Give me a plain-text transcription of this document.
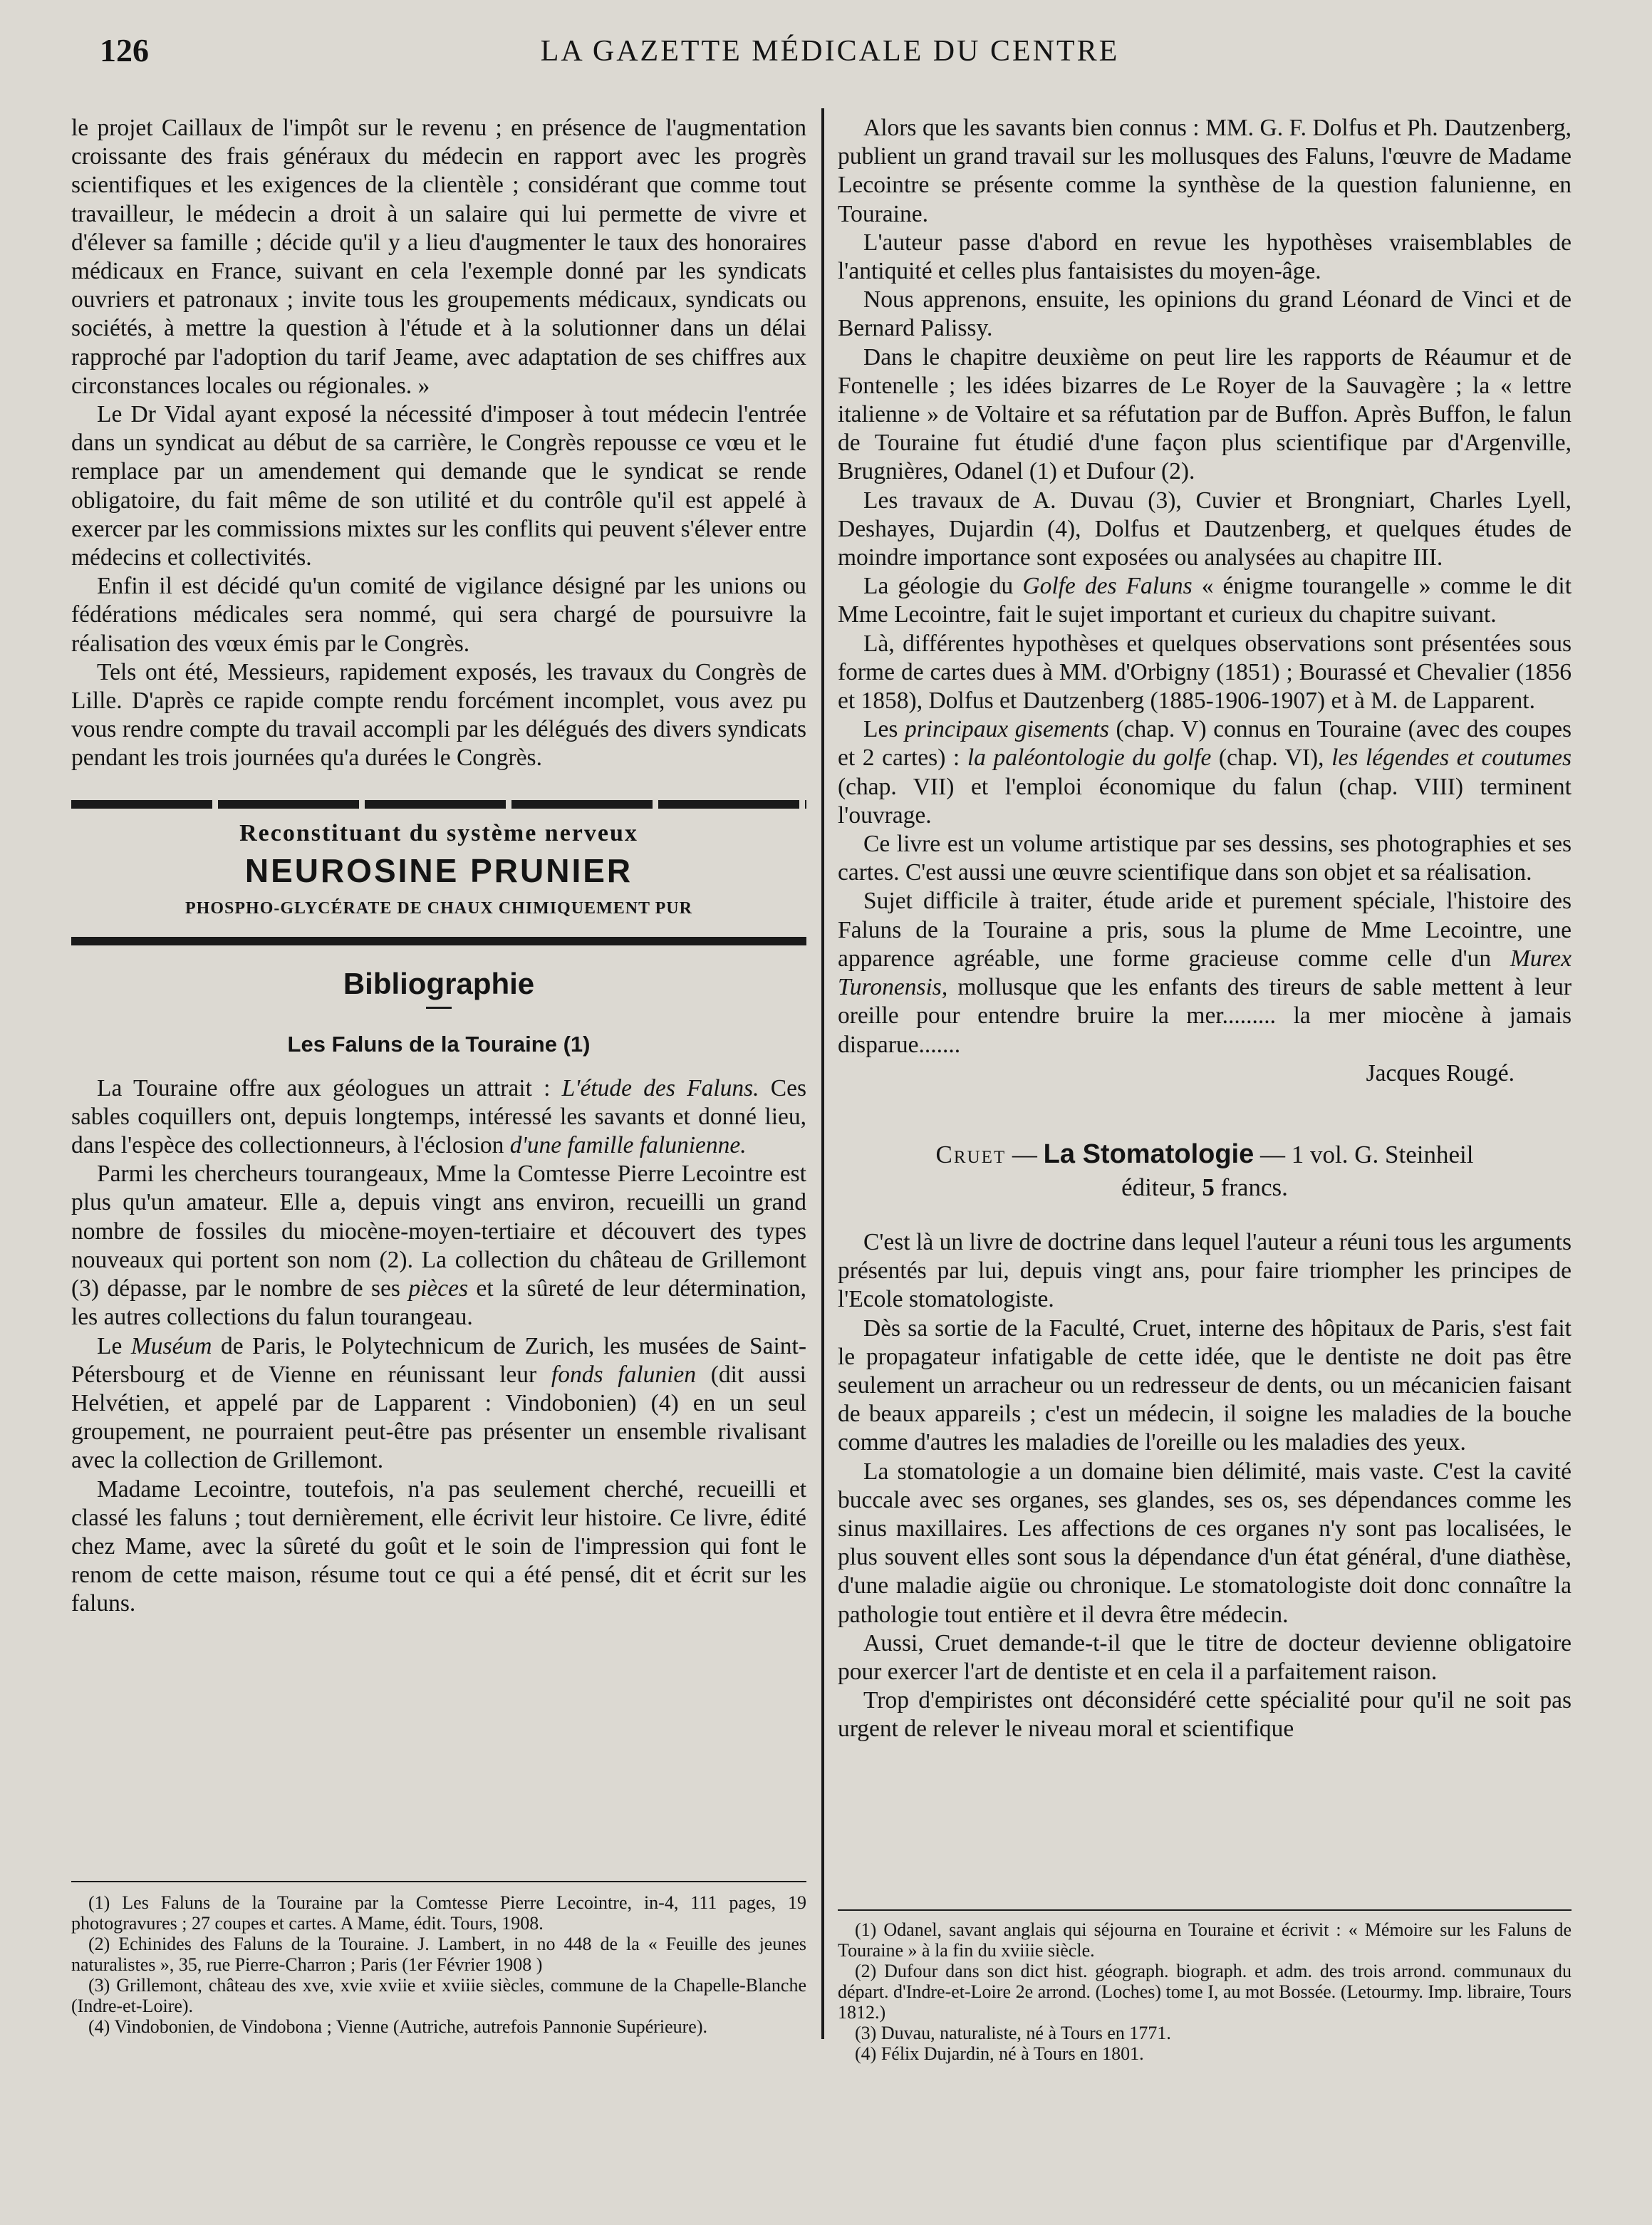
126	LA GAZETTE MÉDICALE DU CENTRE

le projet Caillaux de l'impôt sur le revenu ; en présence de l'augmentation croissante des frais généraux du médecin en rapport avec les progrès scientifiques et les exigences de la clientèle ; considérant que comme tout travailleur, le médecin a droit à un salaire qui lui permette de vivre et d'élever sa famille ; décide qu'il y a lieu d'augmenter le taux des honoraires médicaux en France, suivant en cela l'exemple donné par les syndicats ouvriers et patronaux ; invite tous les groupements médicaux, syndicats ou sociétés, à mettre la question à l'étude et à la solutionner dans un délai rapproché par l'adoption du tarif Jeame, avec adaptation de ses chiffres aux circonstances locales ou régionales. »

Le Dr Vidal ayant exposé la nécessité d'imposer à tout médecin l'entrée dans un syndicat au début de sa carrière, le Congrès repousse ce vœu et le remplace par un amendement qui demande que le syndicat se rende obligatoire, du fait même de son utilité et du contrôle qu'il est appelé à exercer par les commissions mixtes sur les conflits qui peuvent s'élever entre médecins et collectivités.

Enfin il est décidé qu'un comité de vigilance désigné par les unions ou fédérations médicales sera nommé, qui sera chargé de poursuivre la réalisation des vœux émis par le Congrès.

Tels ont été, Messieurs, rapidement exposés, les travaux du Congrès de Lille. D'après ce rapide compte rendu forcément incomplet, vous avez pu vous rendre compte du travail accompli par les délégués des divers syndicats pendant les trois journées qu'a durées le Congrès.

Reconstituant du système nerveux
NEUROSINE PRUNIER
PHOSPHO-GLYCÉRATE DE CHAUX CHIMIQUEMENT PUR
Bibliographie
Les Faluns de la Touraine (1)

La Touraine offre aux géologues un attrait : L'étude des Faluns. Ces sables coquillers ont, depuis longtemps, intéressé les savants et donné lieu, dans l'espèce des collectionneurs, à l'éclosion d'une famille falunienne.

Parmi les chercheurs tourangeaux, Mme la Comtesse Pierre Lecointre est plus qu'un amateur. Elle a, depuis vingt ans environ, recueilli un grand nombre de fossiles du miocène-moyen-tertiaire et découvert des types nouveaux qui portent son nom (2). La collection du château de Grillemont (3) dépasse, par le nombre de ses pièces et la sûreté de leur détermination, les autres collections du falun tourangeau.

Le Muséum de Paris, le Polytechnicum de Zurich, les musées de Saint-Pétersbourg et de Vienne en réunissant leur fonds falunien (dit aussi Helvétien, et appelé par de Lapparent : Vindobonien) (4) en un seul groupement, ne pourraient peut-être pas présenter un ensemble rivalisant avec la collection de Grillemont.

Madame Lecointre, toutefois, n'a pas seulement cherché, recueilli et classé les faluns ; tout dernièrement, elle écrivit leur histoire. Ce livre, édité chez Mame, avec la sûreté du goût et le soin de l'impression qui font le renom de cette maison, résume tout ce qui a été pensé, dit et écrit sur les faluns.

(1) Les Faluns de la Touraine par la Comtesse Pierre Lecointre, in-4, 111 pages, 19 photogravures ; 27 coupes et cartes. A Mame, édit. Tours, 1908.

(2) Echinides des Faluns de la Touraine. J. Lambert, in no 448 de la « Feuille des jeunes naturalistes », 35, rue Pierre-Charron ; Paris (1er Février 1908 )

(3) Grillemont, château des xve, xvie xviie et xviiie siècles, commune de la Chapelle-Blanche (Indre-et-Loire).

(4) Vindobonien, de Vindobona ; Vienne (Autriche, autrefois Pannonie Supérieure).

Alors que les savants bien connus : MM. G. F. Dolfus et Ph. Dautzenberg, publient un grand travail sur les mollusques des Faluns, l'œuvre de Madame Lecointre se présente comme la synthèse de la question falunienne, en Touraine.

L'auteur passe d'abord en revue les hypothèses vraisemblables de l'antiquité et celles plus fantaisistes du moyen-âge.

Nous apprenons, ensuite, les opinions du grand Léonard de Vinci et de Bernard Palissy.

Dans le chapitre deuxième on peut lire les rapports de Réaumur et de Fontenelle ; les idées bizarres de Le Royer de la Sauvagère ; la « lettre italienne » de Voltaire et sa réfutation par de Buffon. Après Buffon, le falun de Touraine fut étudié d'une façon plus scientifique par d'Argenville, Brugnières, Odanel (1) et Dufour (2).

Les travaux de A. Duvau (3), Cuvier et Brongniart, Charles Lyell, Deshayes, Dujardin (4), Dolfus et Dautzenberg, et quelques études de moindre importance sont exposées ou analysées au chapitre III.

La géologie du Golfe des Faluns « énigme tourangelle » comme le dit Mme Lecointre, fait le sujet important et curieux du chapitre suivant.

Là, différentes hypothèses et quelques observations sont présentées sous forme de cartes dues à MM. d'Orbigny (1851) ; Bourassé et Chevalier (1856 et 1858), Dolfus et Dautzenberg (1885-1906-1907) et à M. de Lapparent.

Les principaux gisements (chap. V) connus en Touraine (avec des coupes et 2 cartes) : la paléontologie du golfe (chap. VI), les légendes et coutumes (chap. VII) et l'emploi économique du falun (chap. VIII) terminent l'ouvrage.

Ce livre est un volume artistique par ses dessins, ses photographies et ses cartes. C'est aussi une œuvre scientifique dans son objet et sa réalisation.

Sujet difficile à traiter, étude aride et purement spéciale, l'histoire des Faluns de la Touraine a pris, sous la plume de Mme Lecointre, une apparence agréable, une forme gracieuse comme celle d'un Murex Turonensis, mollusque que les enfants des tireurs de sable mettent à leur oreille pour entendre bruire la mer......... la mer miocène à jamais disparue.......

Jacques Rougé.

Cruet — La Stomatologie — 1 vol. G. Steinheil
éditeur, 5 francs.

C'est là un livre de doctrine dans lequel l'auteur a réuni tous les arguments présentés par lui, depuis vingt ans, pour faire triompher les principes de l'Ecole stomatologiste.

Dès sa sortie de la Faculté, Cruet, interne des hôpitaux de Paris, s'est fait le propagateur infatigable de cette idée, que le dentiste ne doit pas être seulement un arracheur ou un redresseur de dents, ou un mécanicien faisant de beaux appareils ; c'est un médecin, il soigne les maladies de la bouche comme d'autres les maladies de l'oreille ou les maladies des yeux.

La stomatologie a un domaine bien délimité, mais vaste. C'est la cavité buccale avec ses organes, ses glandes, ses os, ses dépendances comme les sinus maxillaires. Les affections de ces organes n'y sont pas localisées, le plus souvent elles sont sous la dépendance d'un état général, d'une diathèse, d'une maladie aigüe ou chronique. Le stomatologiste doit donc connaître la pathologie tout entière et il devra être médecin.

Aussi, Cruet demande-t-il que le titre de docteur devienne obligatoire pour exercer l'art de dentiste et en cela il a parfaitement raison.

Trop d'empiristes ont déconsidéré cette spécialité pour qu'il ne soit pas urgent de relever le niveau moral et scientifique

(1) Odanel, savant anglais qui séjourna en Touraine et écrivit : « Mémoire sur les Faluns de Touraine » à la fin du xviiie siècle.

(2) Dufour dans son dict hist. géograph. biograph. et adm. des trois arrond. communaux du départ. d'Indre-et-Loire 2e arrond. (Loches) tome I, au mot Bossée. (Letourmy. Imp. libraire, Tours 1812.)

(3) Duvau, naturaliste, né à Tours en 1771.

(4) Félix Dujardin, né à Tours en 1801.
